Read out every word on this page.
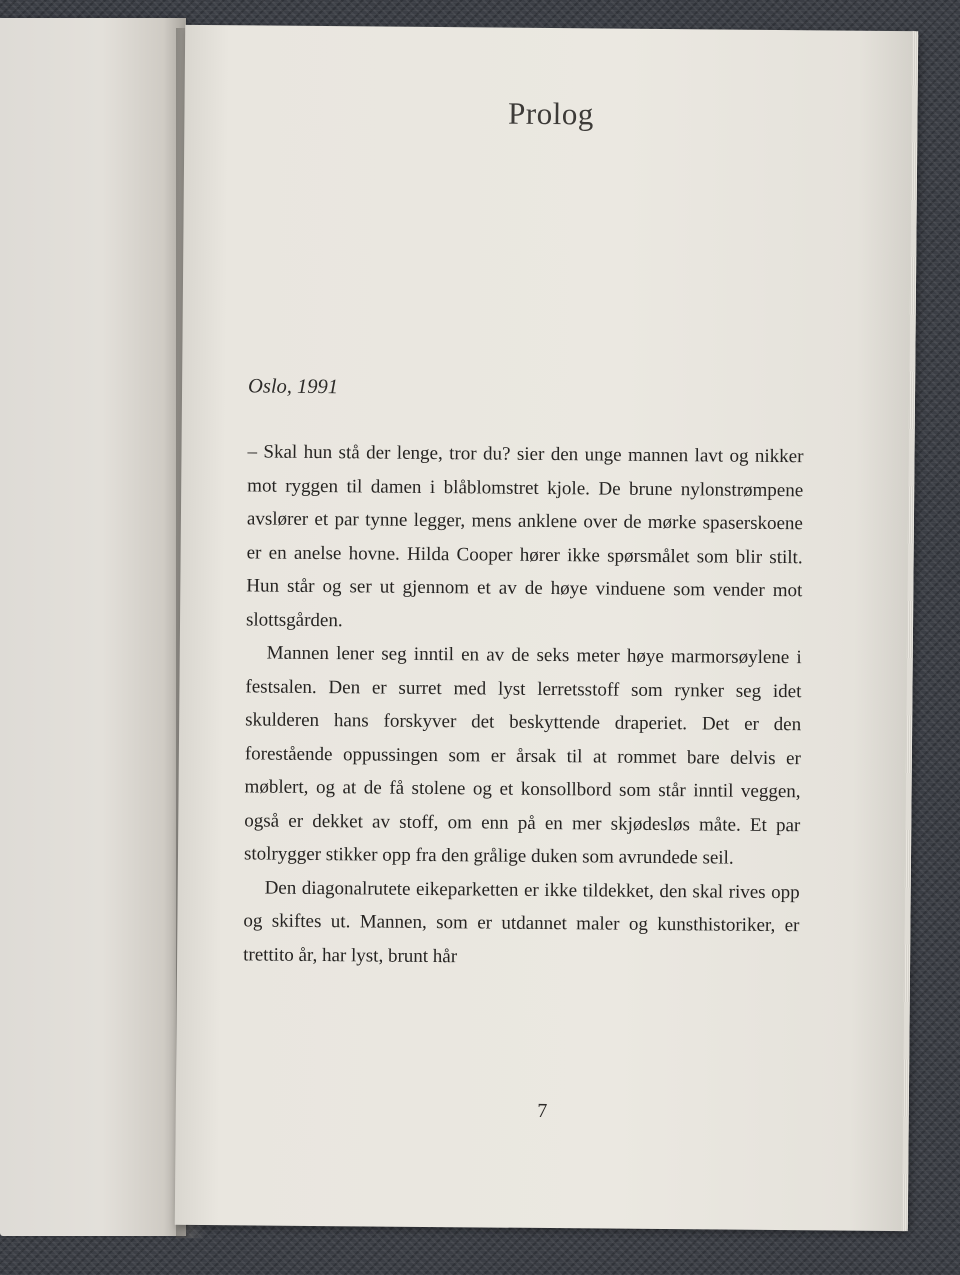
Prolog

Oslo, 1991

– Skal hun stå der lenge, tror du? sier den unge mannen lavt og nikker mot ryggen til damen i blåblomstret kjole. De brune nylonstrømpene avslører et par tynne legger, mens anklene over de mørke spaserskoene er en anelse hovne. Hilda Cooper hører ikke spørsmålet som blir stilt. Hun står og ser ut gjennom et av de høye vinduene som vender mot slottsgården.

Mannen lener seg inntil en av de seks meter høye marmorsøylene i festsalen. Den er surret med lyst lerretsstoff som rynker seg idet skulderen hans forskyver det beskyttende draperiet. Det er den forestående oppussingen som er årsak til at rommet bare delvis er møblert, og at de få stolene og et konsollbord som står inntil veggen, også er dekket av stoff, om enn på en mer skjødesløs måte. Et par stolrygger stikker opp fra den grålige duken som avrundede seil.

Den diagonalrutete eikeparketten er ikke tildekket, den skal rives opp og skiftes ut. Mannen, som er utdannet maler og kunsthistoriker, er trettito år, har lyst, brunt hår

7
